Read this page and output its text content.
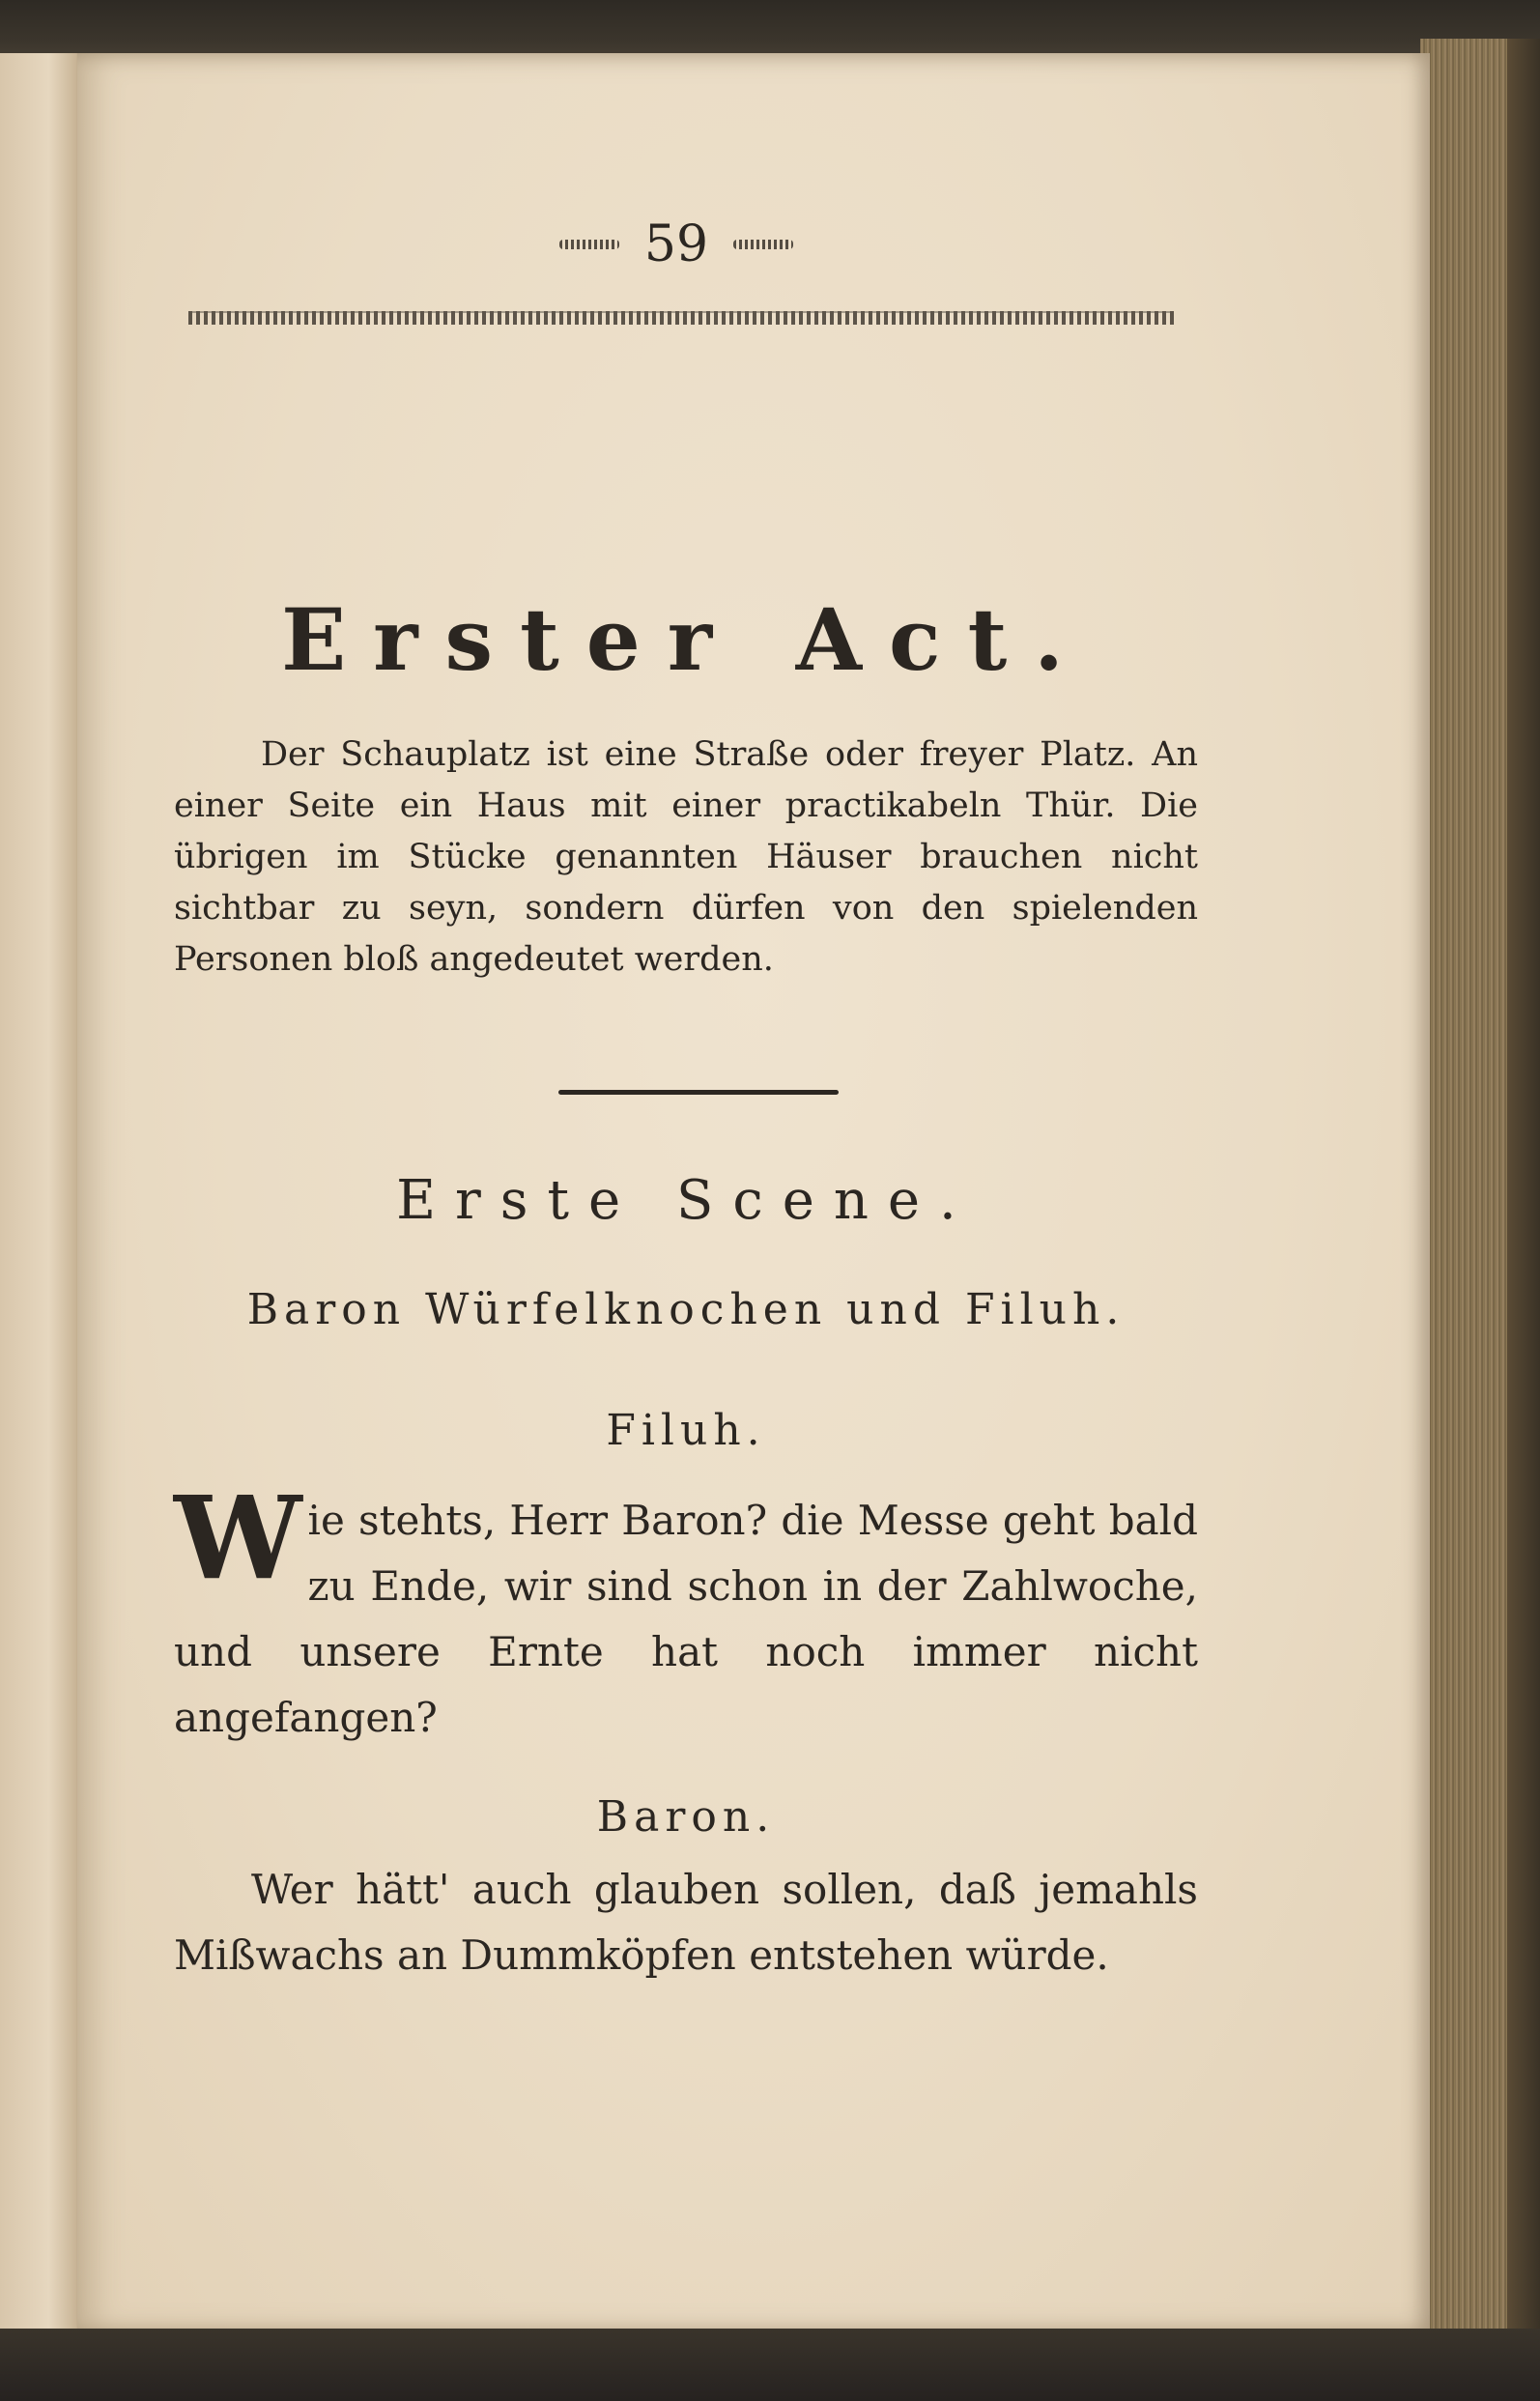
59
Erster Act.
Der Schauplatz ist eine Straße oder freyer Platz. An einer Seite ein Haus mit einer practikabeln Thür. Die übrigen im Stücke genannten Häuser brauchen nicht sichtbar zu seyn, sondern dürfen von den spielenden Personen bloß angedeutet werden.
Erste Scene.
Baron Würfelknochen und Filuh.
Filuh.

Wie stehts, Herr Baron? die Messe geht bald zu Ende, wir sind schon in der Zahlwoche, und unsere Ernte hat noch immer nicht angefangen?

Baron.

Wer hätt' auch glauben sollen, daß jemahls Mißwachs an Dummköpfen entstehen würde.
